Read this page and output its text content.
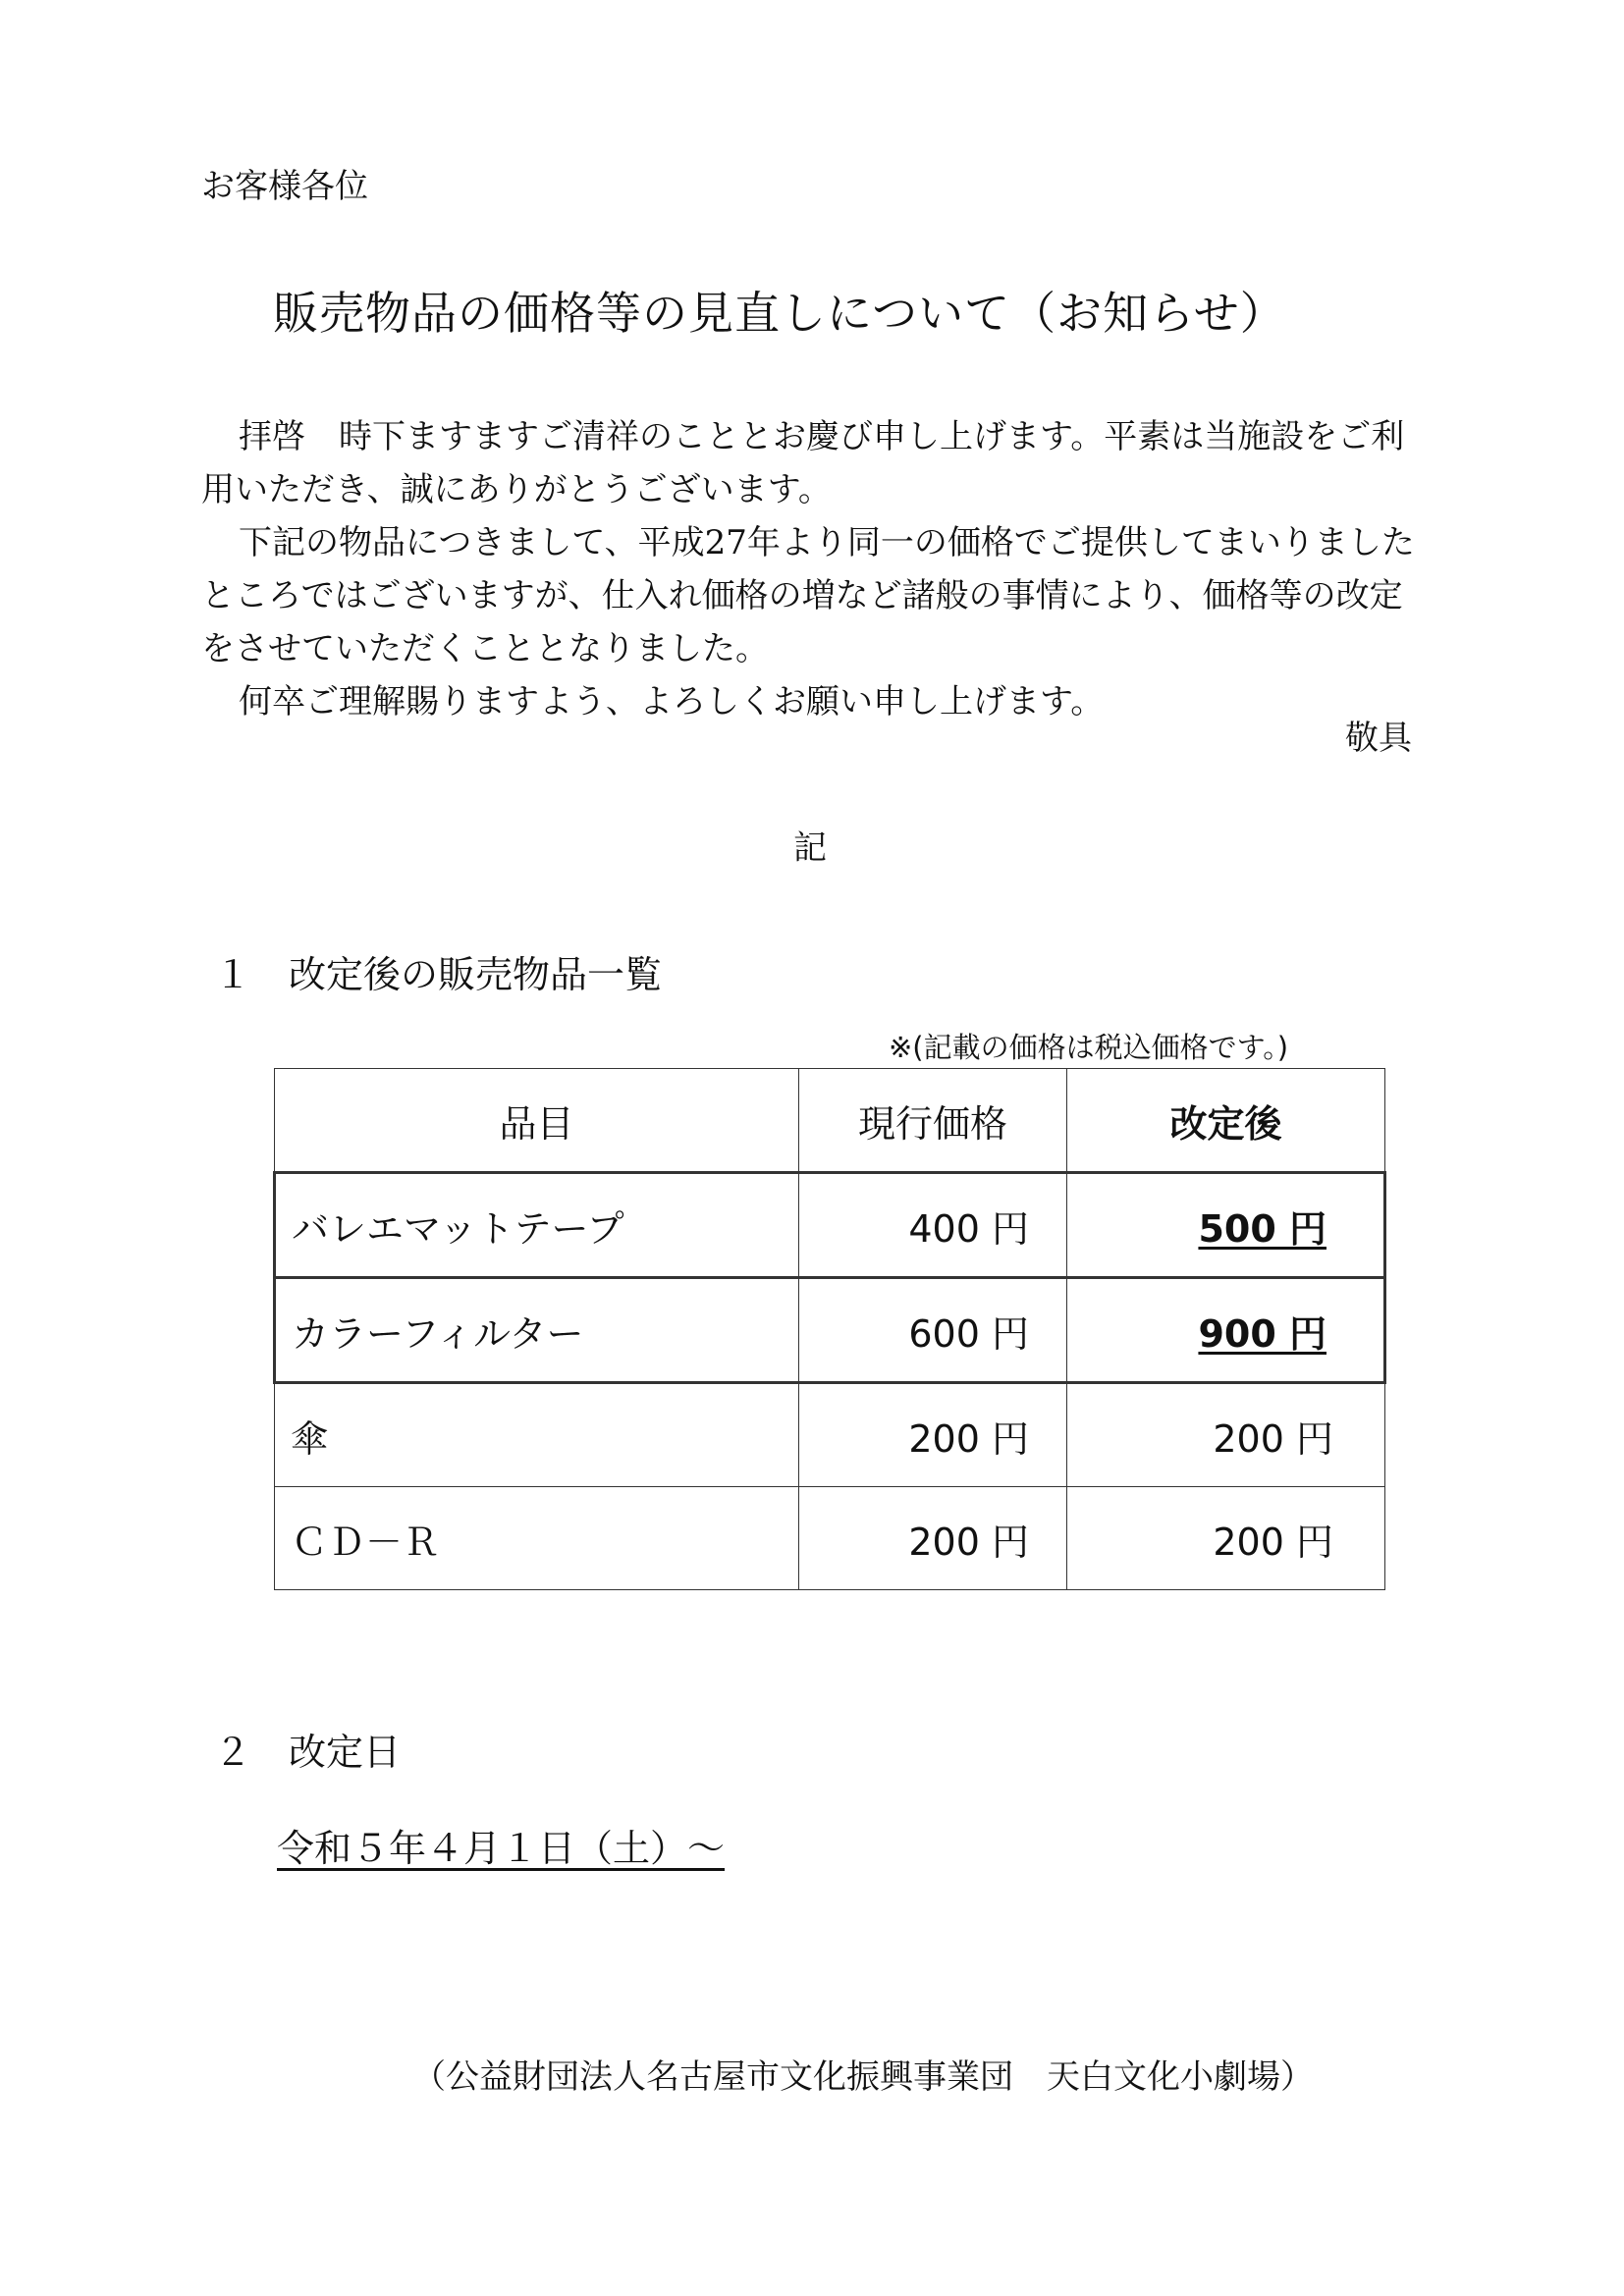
お客様各位
販売物品の価格等の見直しについて（お知らせ）

拝啓　時下ますますご清祥のこととお慶び申し上げます。平素は当施設をご利用いただき、誠にありがとうございます。

下記の物品につきまして、平成27年より同一の価格でご提供してまいりましたところではございますが、仕入れ価格の増など諸般の事情により、価格等の改定をさせていただくこととなりました。

何卒ご理解賜りますよう、よろしくお願い申し上げます。

敬具
記
１ 改定後の販売物品一覧
※(記載の価格は税込価格です。)
品目	現行価格	改定後
バレエマットテープ	400 円	500 円
カラーフィルター	600 円	900 円
傘	200 円	200 円
ＣＤ－Ｒ	200 円	200 円
２ 改定日
令和５年４月１日（土）～
（公益財団法人名古屋市文化振興事業団　天白文化小劇場）
